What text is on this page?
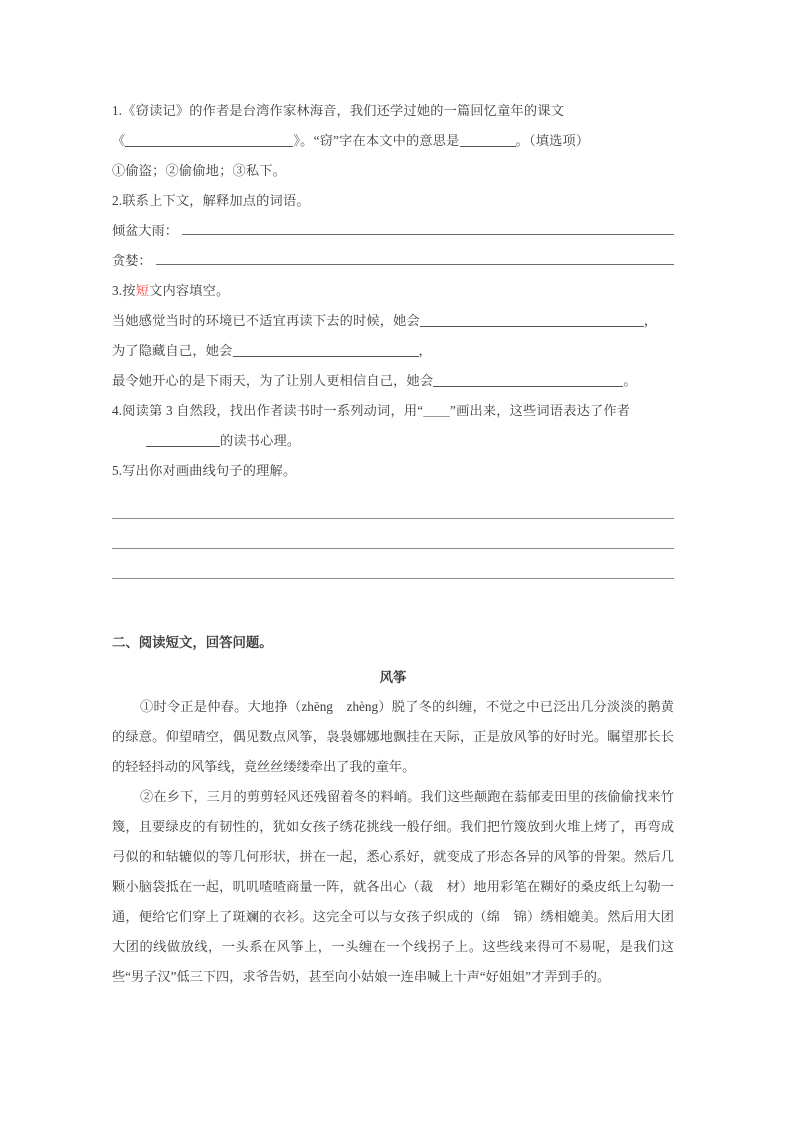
1.《窃读记》的作者是台湾作家林海音，我们还学过她的一篇回忆童年的课文
《	》。“窃”字在本文中的意思是	。（填选项）
①偷盗；②偷偷地；③私下。
2.联系上下文，解释加点的词语。
倾盆大雨：
贪婪：
3.按短文内容填空。
当她感觉当时的环境已不适宜再读下去的时候，她会	，
为了隐藏自己，她会	，
最令她开心的是下雨天，为了让别人更相信自己，她会	。
4.阅读第 3 自然段，找出作者读书时一系列动词，用“＿＿”画出来，这些词语表达了作者
的读书心理。
5.写出你对画曲线句子的理解。
二、阅读短文，回答问题。
风筝

①时令正是仲春。大地挣（zhēng　zhèng）脱了冬的纠缠，不觉之中已泛出几分淡淡的鹅黄的绿意。仰望晴空，偶见数点风筝，袅袅娜娜地飘挂在天际，正是放风筝的好时光。瞩望那长长的轻轻抖动的风筝线，竟丝丝缕缕牵出了我的童年。

②在乡下，三月的剪剪轻风还残留着冬的料峭。我们这些颠跑在蓊郁麦田里的孩偷偷找来竹篾，且要绿皮的有韧性的，犹如女孩子绣花挑线一般仔细。我们把竹篾放到火堆上烤了，再弯成弓似的和轱辘似的等几何形状，拼在一起，悉心系好，就变成了形态各异的风筝的骨架。然后几颗小脑袋抵在一起，叽叽喳喳商量一阵，就各出心（裁　材）地用彩笔在糊好的桑皮纸上勾勒一通，便给它们穿上了斑斓的衣衫。这完全可以与女孩子织成的（绵　锦）绣相媲美。然后用大团大团的线做放线，一头系在风筝上，一头缠在一个线拐子上。这些线来得可不易呢，是我们这些“男子汉”低三下四，求爷告奶，甚至向小姑娘一连串喊上十声“好姐姐”才弄到手的。
